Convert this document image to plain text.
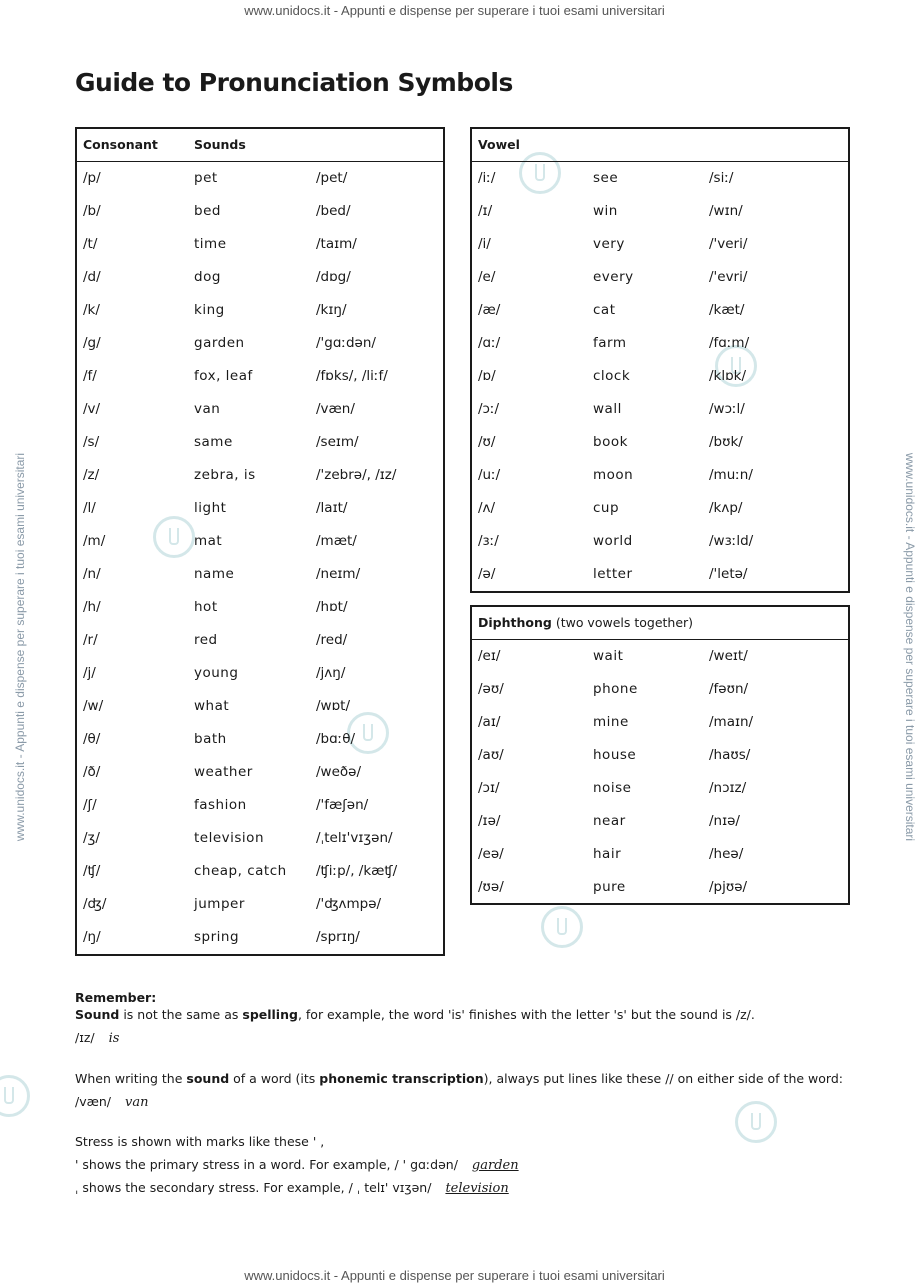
www.unidocs.it - Appunti e dispense per superare i tuoi esami universitari
www.unidocs.it - Appunti e dispense per superare i tuoi esami universitari	www.unidocs.it - Appunti e dispense per superare i tuoi esami universitari
Guide to Pronunciation Symbols
Consonant	Sounds
/p/	pet	/pet/
/b/	bed	/bed/
/t/	time	/taɪm/
/d/	dog	/dɒg/
/k/	king	/kɪŋ/
/g/	garden	/'gɑːdən/
/f/	fox, leaf	/fɒks/, /liːf/
/v/	van	/væn/
/s/	same	/seɪm/
/z/	zebra, is	/'zebrə/, /ɪz/
/l/	light	/laɪt/
/m/	mat	/mæt/
/n/	name	/neɪm/
/h/	hot	/hɒt/
/r/	red	/red/
/j/	young	/jʌŋ/
/w/	what	/wɒt/
/θ/	bath	/bɑːθ/
/ð/	weather	/weðə/
/ʃ/	fashion	/'fæʃən/
/ʒ/	television	/ˌtelɪ'vɪʒən/
/ʧ/	cheap, catch /ʧiːp/, /kæʧ/
/ʤ/	jumper	/'ʤʌmpə/
/ŋ/	spring	/sprɪŋ/
Vowel
/iː/	see	/siː/
/ɪ/	win	/wɪn/
/i/	very	/'veri/
/e/	every	/'evri/
/æ/	cat	/kæt/
/ɑː/	farm	/fɑːm/
/ɒ/	clock	/klɒk/
/ɔː/	wall	/wɔːl/
/ʊ/	book	/bʊk/
/uː/	moon	/muːn/
/ʌ/	cup	/kʌp/
/ɜː/	world	/wɜːld/
/ə/	letter	/'letə/
Diphthong (two vowels together)
/eɪ/	wait	/weɪt/
/əʊ/	phone	/fəʊn/
/aɪ/	mine	/maɪn/
/aʊ/	house	/haʊs/
/ɔɪ/	noise	/nɔɪz/
/ɪə/	near	/nɪə/
/eə/	hair	/heə/
/ʊə/	pure	/pjʊə/
Remember:
Sound is not the same as spelling, for example, the word 'is' finishes with the letter 's' but the sound is /z/.
/ɪz/ is
When writing the sound of a word (its phonemic transcription), always put lines like these // on either side of the word:
/væn/ van
Stress is shown with marks like these ' ,
' shows the primary stress in a word. For example, / ' gɑːdən/ garden
ˌ shows the secondary stress. For example, / ˌ telɪ' vɪʒən/ television
www.unidocs.it - Appunti e dispense per superare i tuoi esami universitari
